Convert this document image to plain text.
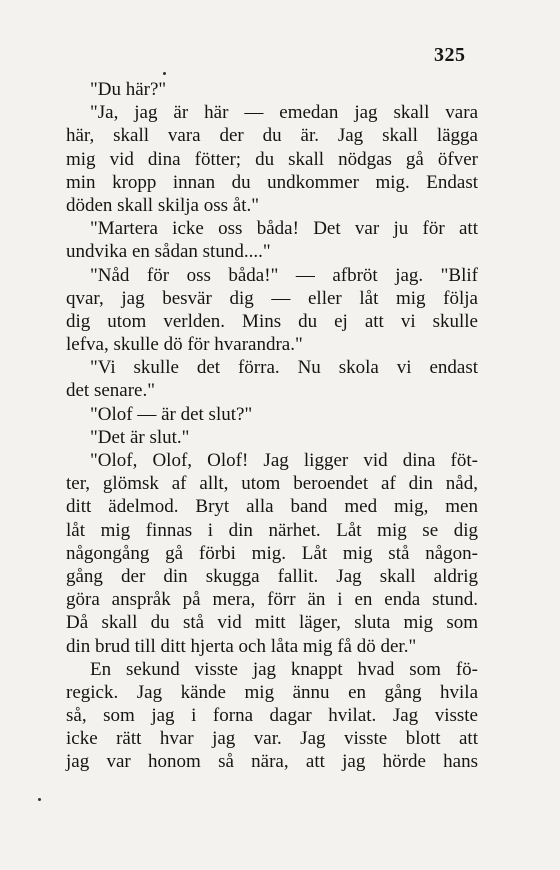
325
"Du här?"
"Ja, jag är här — emedan jag skall vara
här, skall vara der du är. Jag skall lägga
mig vid dina fötter; du skall nödgas gå öfver
min kropp innan du undkommer mig. Endast
döden skall skilja oss åt."
"Martera icke oss båda! Det var ju för att
undvika en sådan stund...."
"Nåd för oss båda!" — afbröt jag. "Blif
qvar, jag besvär dig — eller låt mig följa
dig utom verlden. Mins du ej att vi skulle
lefva, skulle dö för hvarandra."
"Vi skulle det förra. Nu skola vi endast
det senare."
"Olof — är det slut?"
"Det är slut."
"Olof, Olof, Olof! Jag ligger vid dina föt-
ter, glömsk af allt, utom beroendet af din nåd,
ditt ädelmod. Bryt alla band med mig, men
låt mig finnas i din närhet. Låt mig se dig
någongång gå förbi mig. Låt mig stå någon-
gång der din skugga fallit. Jag skall aldrig
göra anspråk på mera, förr än i en enda stund.
Då skall du stå vid mitt läger, sluta mig som
din brud till ditt hjerta och låta mig få dö der."
En sekund visste jag knappt hvad som fö-
regick. Jag kände mig ännu en gång hvila
så, som jag i forna dagar hvilat. Jag visste
icke rätt hvar jag var. Jag visste blott att
jag var honom så nära, att jag hörde hans
